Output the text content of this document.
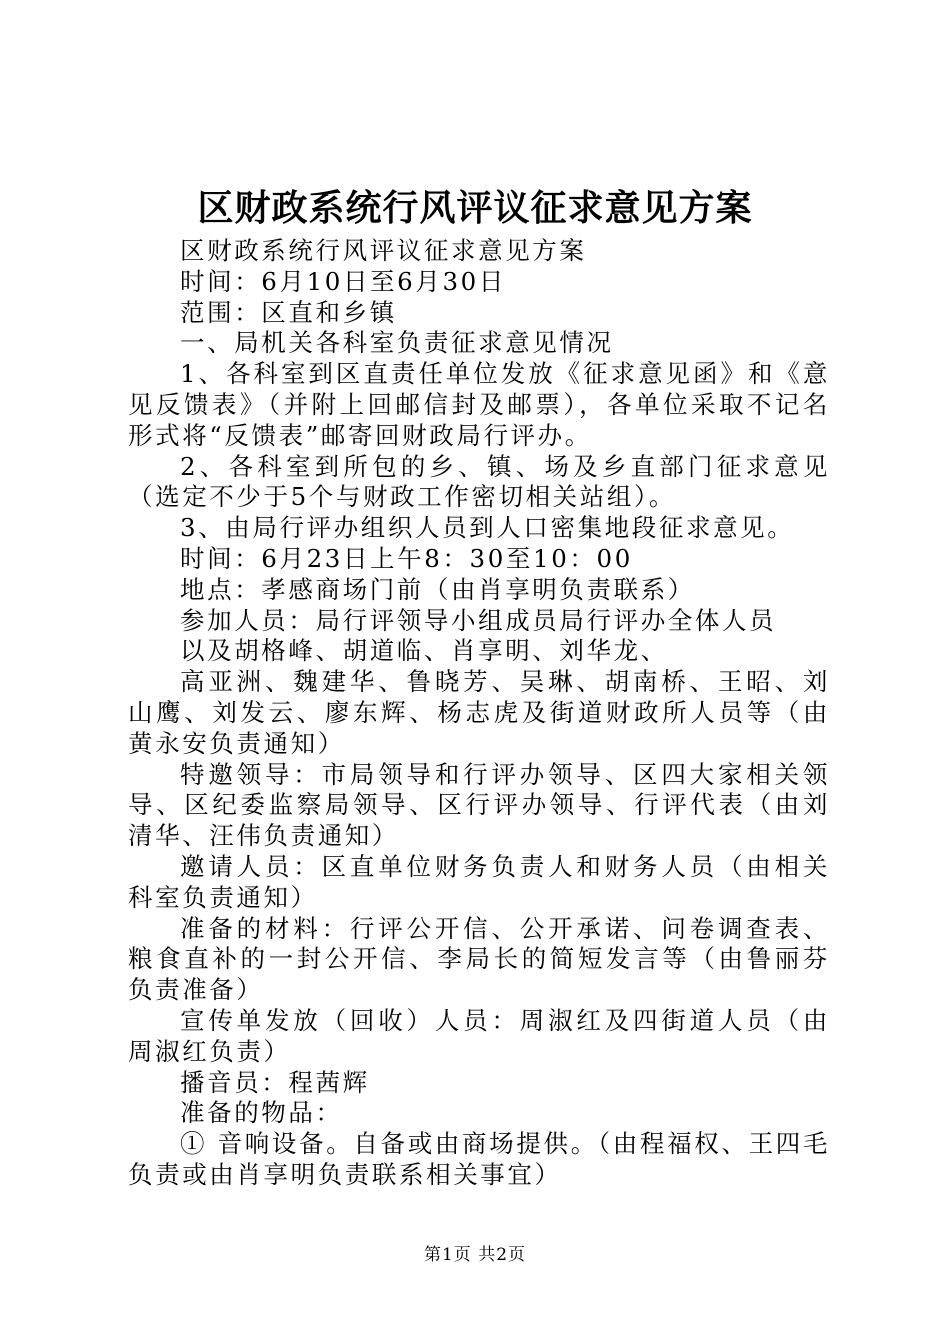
区财政系统行风评议征求意见方案

区财政系统行风评议征求意见方案

时间：6月10日至6月30日

范围：区直和乡镇

一、局机关各科室负责征求意见情况

1、各科室到区直责任单位发放《征求意见函》和《意见反馈表》（并附上回邮信封及邮票），各单位采取不记名形式将“反馈表”邮寄回财政局行评办。

2、各科室到所包的乡、镇、场及乡直部门征求意见（选定不少于5个与财政工作密切相关站组）。

3、由局行评办组织人员到人口密集地段征求意见。

时间：6月23日上午8：30至10：00

地点：孝感商场门前（由肖享明负责联系）

参加人员：局行评领导小组成员局行评办全体人员

以及胡格峰、胡道临、肖享明、刘华龙、

高亚洲、魏建华、鲁晓芳、吴琳、胡南桥、王昭、刘山鹰、刘发云、廖东辉、杨志虎及街道财政所人员等（由黄永安负责通知）

特邀领导：市局领导和行评办领导、区四大家相关领导、区纪委监察局领导、区行评办领导、行评代表（由刘清华、汪伟负责通知）

邀请人员：区直单位财务负责人和财务人员（由相关科室负责通知）

准备的材料：行评公开信、公开承诺、问卷调查表、粮食直补的一封公开信、李局长的简短发言等（由鲁丽芬负责准备）

宣传单发放（回收）人员：周淑红及四街道人员（由周淑红负责）

播音员：程茜辉

准备的物品：

① 音响设备。自备或由商场提供。（由程福权、王四毛负责或由肖享明负责联系相关事宜）

第1页 共2页
